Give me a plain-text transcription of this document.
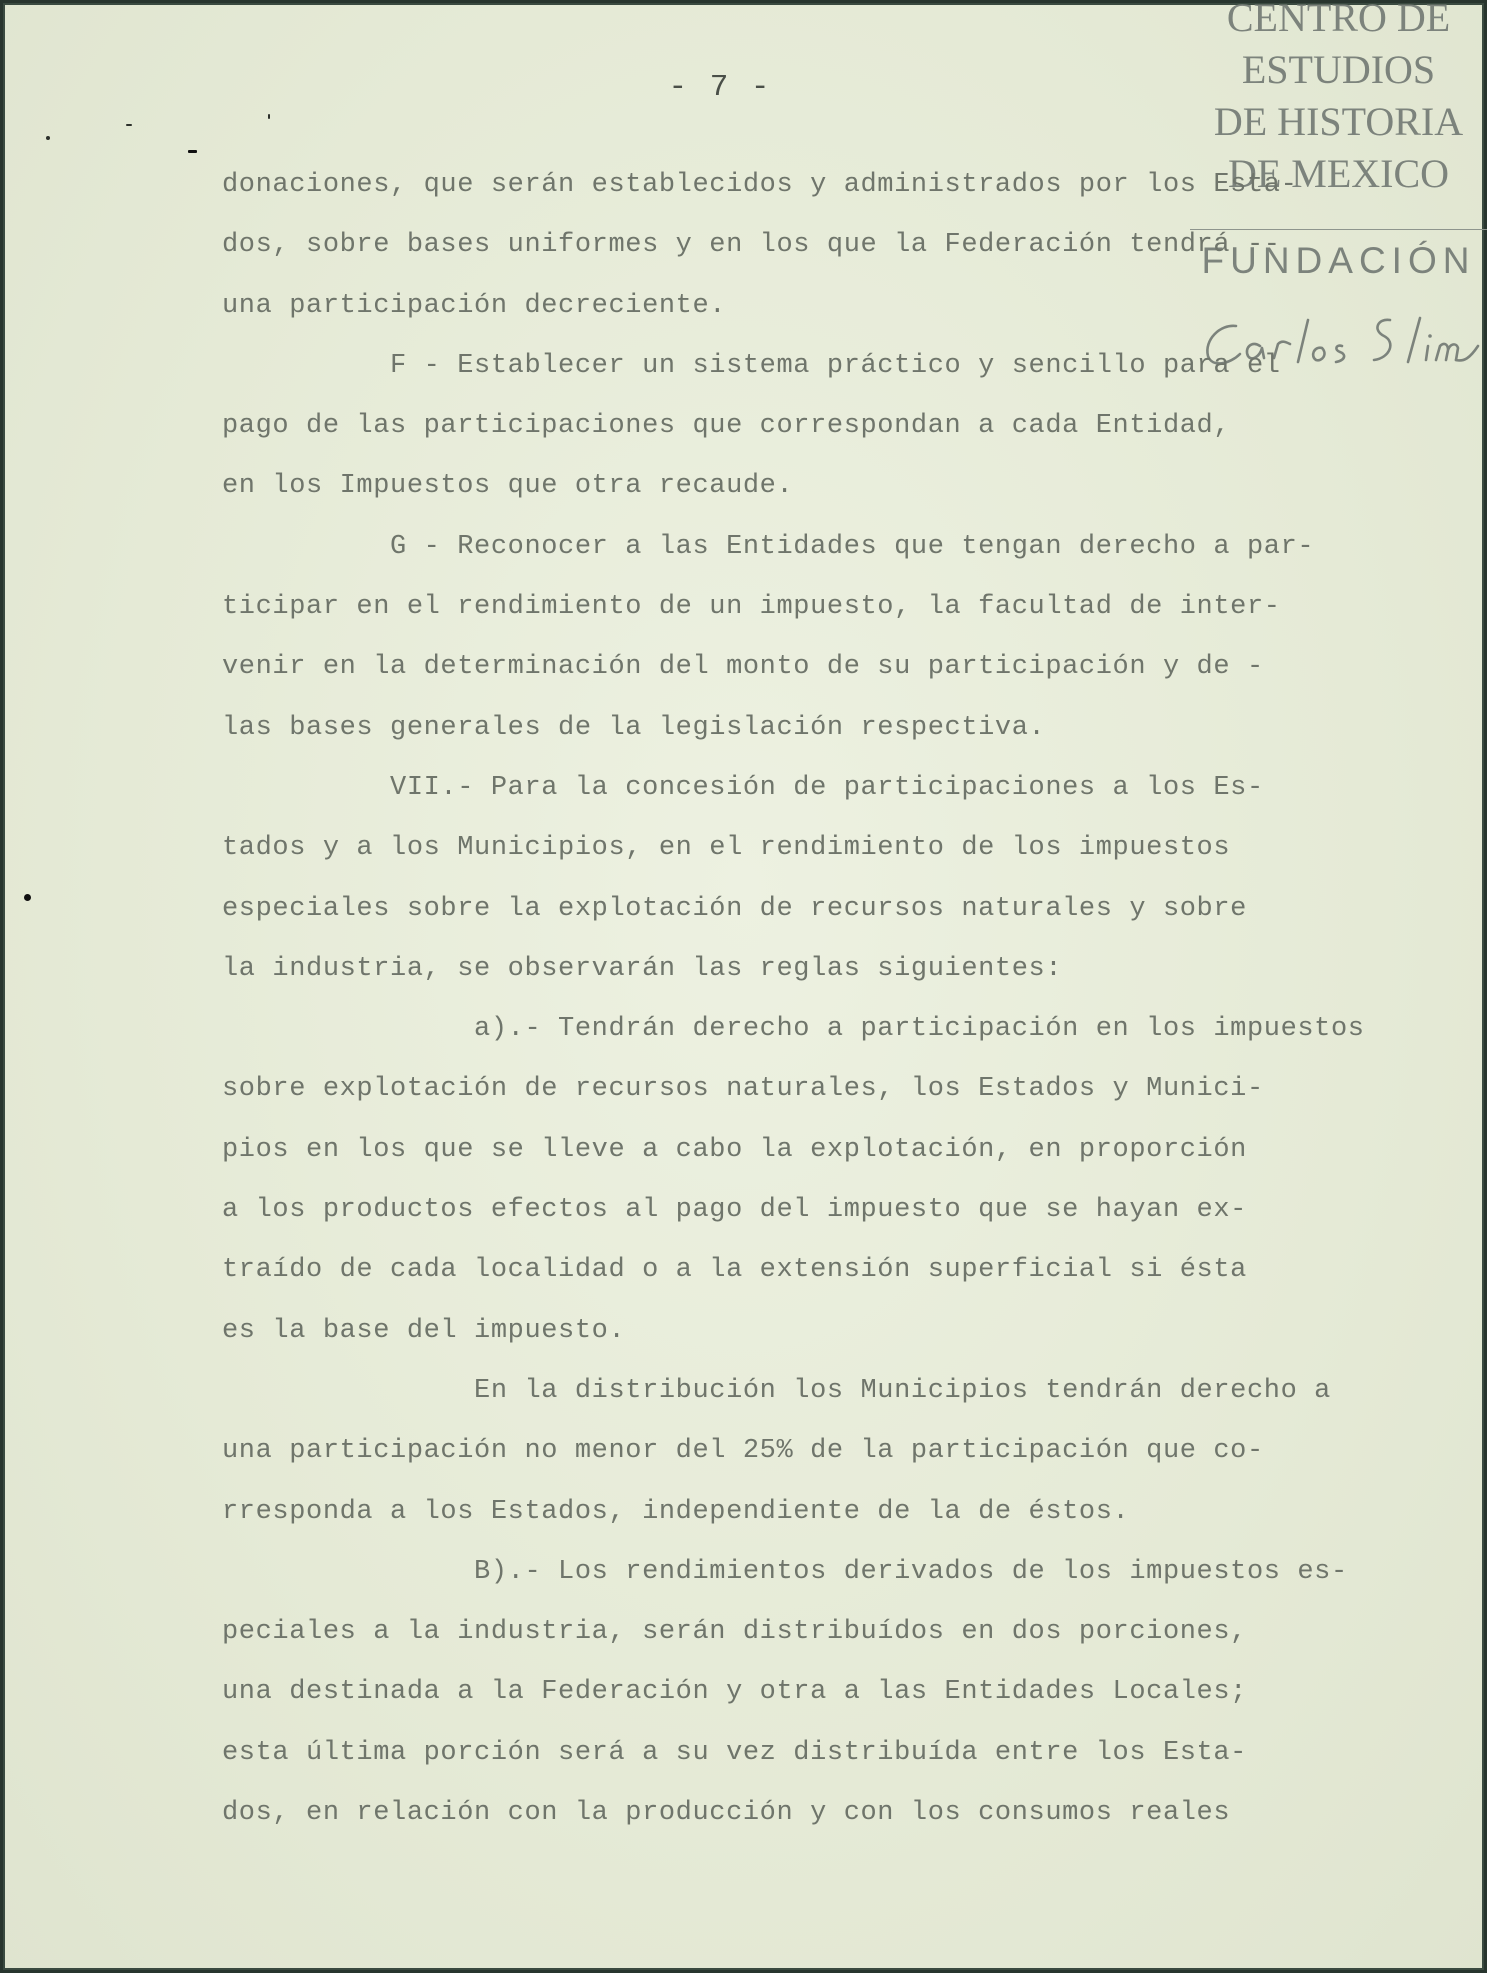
- 7 -

CENTRO DE
ESTUDIOS
DE HISTORIA
DE MEXICO
FUNDACIÓN
donaciones, que serán establecidos y administrados por los Esta-
dos, sobre bases uniformes y en los que la Federación tendrá --
una participación decreciente.
F - Establecer un sistema práctico y sencillo para el
pago de las participaciones que correspondan a cada Entidad,
en los Impuestos que otra recaude.
G - Reconocer a las Entidades que tengan derecho a par-
ticipar en el rendimiento de un impuesto, la facultad de inter-
venir en la determinación del monto de su participación y de -
las bases generales de la legislación respectiva.
VII.- Para la concesión de participaciones a los Es-
tados y a los Municipios, en el rendimiento de los impuestos
especiales sobre la explotación de recursos naturales y sobre
la industria, se observarán las reglas siguientes:
a).- Tendrán derecho a participación en los impuestos
sobre explotación de recursos naturales, los Estados y Munici-
pios en los que se lleve a cabo la explotación, en proporción
a los productos efectos al pago del impuesto que se hayan ex-
traído de cada localidad o a la extensión superficial si ésta
es la base del impuesto.
En la distribución los Municipios tendrán derecho a
una participación no menor del 25% de la participación que co-
rresponda a los Estados, independiente de la de éstos.
B).- Los rendimientos derivados de los impuestos es-
peciales a la industria, serán distribuídos en dos porciones,
una destinada a la Federación y otra a las Entidades Locales;
esta última porción será a su vez distribuída entre los Esta-
dos, en relación con la producción y con los consumos reales
